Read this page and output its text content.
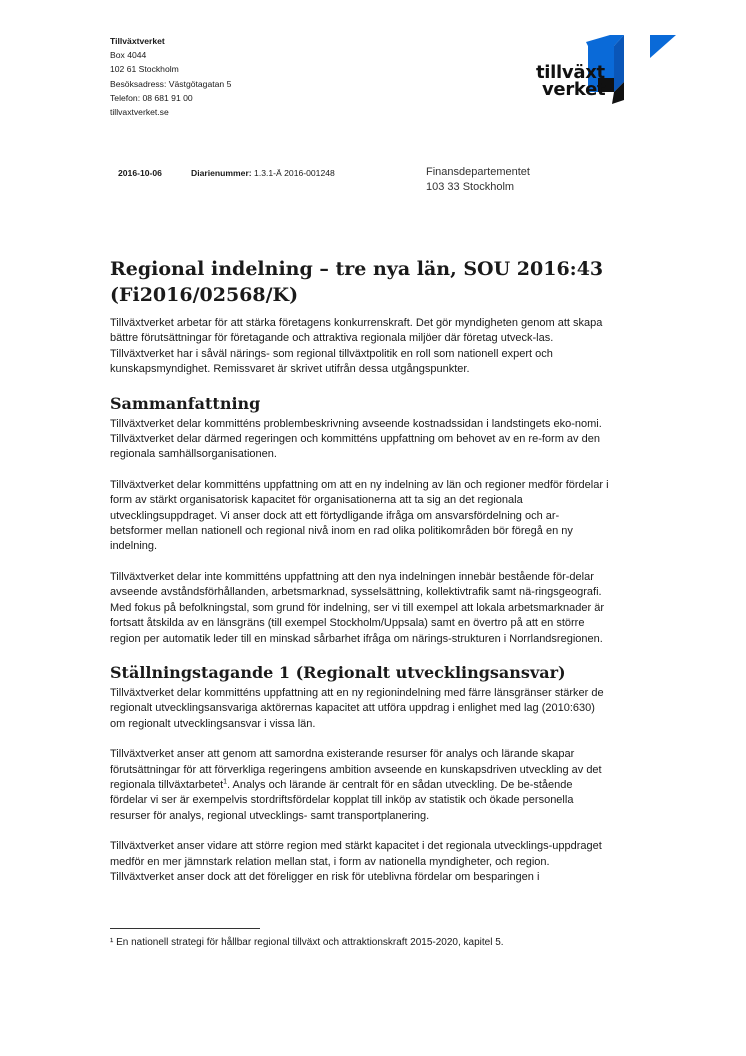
Tillväxtverket
Box 4044
102 61 Stockholm
Besöksadress: Västgötagatan 5
Telefon: 08 681 91 00
tillvaxtverket.se
tillväxt
verket
2016-10-06	Diarienummer: 1.3.1-Ä 2016-001248	Finansdepartementet
103 33 Stockholm
Regional indelning – tre nya län, SOU 2016:43
(Fi2016/02568/K)

Tillväxtverket arbetar för att stärka företagens konkurrenskraft. Det gör myndigheten genom att skapa bättre förutsättningar för företagande och attraktiva regionala miljöer där företag utveck-las. Tillväxtverket har i såväl närings- som regional tillväxtpolitik en roll som nationell expert och kunskapsmyndighet. Remissvaret är skrivet utifrån dessa utgångspunkter.

Sammanfattning

Tillväxtverket delar kommitténs problembeskrivning avseende kostnadssidan i landstingets eko-nomi. Tillväxtverket delar därmed regeringen och kommitténs uppfattning om behovet av en re-form av den regionala samhällsorganisationen.

Tillväxtverket delar kommitténs uppfattning om att en ny indelning av län och regioner medför fördelar i form av stärkt organisatorisk kapacitet för organisationerna att ta sig an det regionala utvecklingsuppdraget. Vi anser dock att ett förtydligande ifråga om ansvarsfördelning och ar-betsformer mellan nationell och regional nivå inom en rad olika politikområden bör föregå en ny indelning.

Tillväxtverket delar inte kommitténs uppfattning att den nya indelningen innebär bestående för-delar avseende avståndsförhållanden, arbetsmarknad, sysselsättning, kollektivtrafik samt nä-ringsgeografi. Med fokus på befolkningstal, som grund för indelning, ser vi till exempel att lokala arbetsmarknader är fortsatt åtskilda av en länsgräns (till exempel Stockholm/Uppsala) samt en övertro på att en större region per automatik leder till en minskad sårbarhet ifråga om närings-strukturen i Norrlandsregionen.

Ställningstagande 1 (Regionalt utvecklingsansvar)

Tillväxtverket delar kommitténs uppfattning att en ny regionindelning med färre länsgränser stärker de regionalt utvecklingsansvariga aktörernas kapacitet att utföra uppdrag i enlighet med lag (2010:630) om regionalt utvecklingsansvar i vissa län.

Tillväxtverket anser att genom att samordna existerande resurser för analys och lärande skapar förutsättningar för att förverkliga regeringens ambition avseende en kunskapsdriven utveckling av det regionala tillväxtarbetet$^1$. Analys och lärande är centralt för en sådan utveckling. De be-stående fördelar vi ser är exempelvis stordriftsfördelar kopplat till inköp av statistik och ökade personella resurser för analys, regional utvecklings- samt transportplanering.

Tillväxtverket anser vidare att större region med stärkt kapacitet i det regionala utvecklings-uppdraget medför en mer jämnstark relation mellan stat, i form av nationella myndigheter, och region. Tillväxtverket anser dock att det föreligger en risk för uteblivna fördelar om besparingen i

¹ En nationell strategi för hållbar regional tillväxt och attraktionskraft 2015-2020, kapitel 5.
